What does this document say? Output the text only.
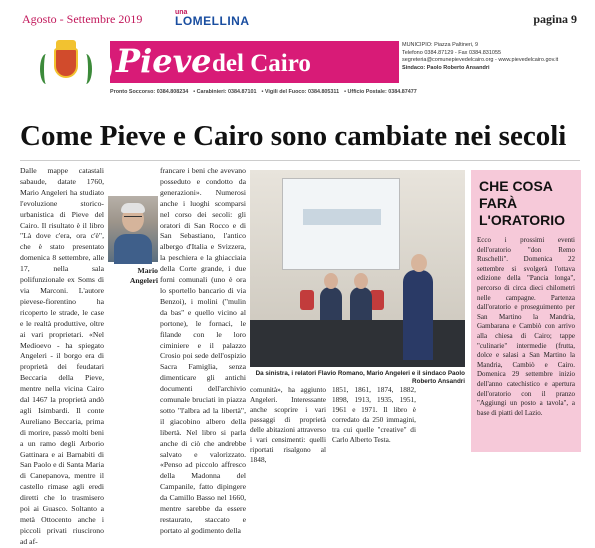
Agosto - Settembre 2019	una
LOMELLINA	pagina 9
Pieve del Cairo
MUNICIPIO: Piazza Paltineri, 9
Telefono 0384.87129 - Fax 0384.831055
segreteria@comunepievedelcairo.org - www.pievedelcairo.gov.it
Sindaco: Paolo Roberto Ansandri
Pronto Soccorso: 0384.808234 • Carabinieri: 0384.87101 • Vigili del Fuoco: 0384.805311 • Ufficio Postale: 0384.87477
Come Pieve e Cairo sono cambiate nei secoli
Dalle mappe catastali sabaude, datate 1760, Mario Angeleri ha studiato l'evoluzione storico-urbanistica di Pieve del Cairo. Il risultato è il libro "Là dove c'era, ora c'è", che è stato presentato domenica 8 settembre, alle 17, nella sala polifunzionale ex Soms di via Marconi. L'autore pievese-fiorentino ha ricoperto le strade, le case e le realtà produttive, oltre ai vari proprietari. «Nel Medioevo - ha spiegato Angeleri - il borgo era di proprietà dei feudatari Beccaria della Pieve, mentre nella vicina Cairo dal 1467 la proprietà andò agli Isimbardi. Il conte Aureliano Beccaria, prima di morire, passò molti beni a un ramo degli Arborio Gattinara e ai Barnabiti di San Paolo e di Santa Maria di Canepanova, mentre il castello rimase agli eredi diretti che lo trasmisero poi ai Guasco. Soltanto a metà Ottocento anche i piccoli privati riuscirono ad af-
Mario Angeleri
francare i beni che avevano posseduto e condotto da generazioni». Numerosi anche i luoghi scomparsi nel corso dei secoli: gli oratori di San Rocco e di San Sebastiano, l'antico albergo d'Italia e Svizzera, la peschiera e la ghiacciaia della Corte grande, i due forni comunali (uno è ora lo sportello bancario di via Benzoi), i molini ("mulin da bas" e quello vicino al portone), le fornaci, le filande con le loro ciminiere e il palazzo Crosio poi sede dell'ospizio Sacra Famiglia, senza dimenticare gli antichi documenti dell'archivio comunale bruciati in piazza sotto "l'albra ad la libertà", il giacobino albero della libertà. Nel libro si parla anche di ciò che andrebbe salvato e valorizzato. «Penso ad piccolo affresco della Madonna del Campanile, fatto dipingere da Camillo Basso nel 1660, mentre sarebbe da essere restaurato, staccato e portato al godimento della
Da sinistra, i relatori Flavio Romano, Mario Angeleri e il sindaco Paolo Roberto Ansandri
comunità», ha aggiunto Angeleri. Interessante anche scoprire i vari passaggi di proprietà delle abitazioni attraverso i vari censimenti: quelli riportati risalgono al 1848,
1851, 1861, 1874, 1882, 1898, 1913, 1935, 1951, 1961 e 1971. Il libro è corredato da 250 immagini, tra cui quelle "creative" di Carlo Alberto Testa.
CHE COSA FARÀ L'ORATORIO
Ecco i prossimi eventi dell'oratorio "don Remo Ruschelli". Domenica 22 settembre si svolgerà l'ottava edizione della "Pancia longa", percorso di circa dieci chilometri nelle campagne. Partenza dall'oratorio e proseguimento per San Martino la Mandria, Gambarana e Cambiò con arrivo alla chiesa di Cairo; tappe "culinarie" intermedie (frutta, dolce e salasi a San Martino la Mandria, Cambiò e Cairo. Domenica 29 settembre inizio dell'anno catechistico e apertura dell'oratorio con il pranzo "Aggiungi un posto a tavola", a base di piatti del Lazio.
